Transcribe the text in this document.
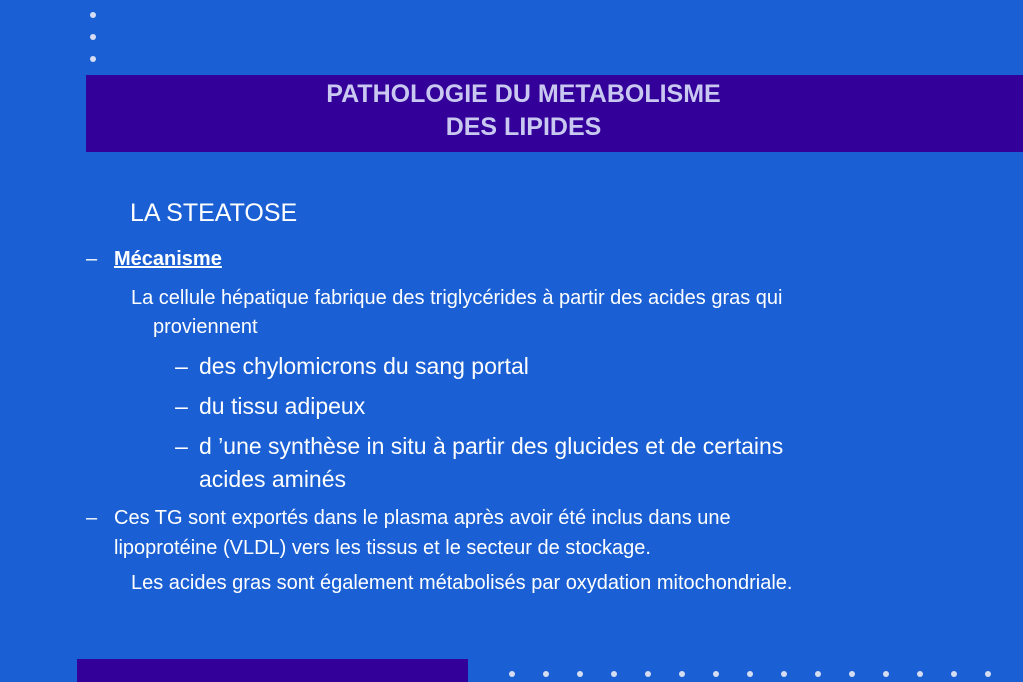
PATHOLOGIE DU METABOLISME
DES LIPIDES
LA STEATOSE
– Mécanisme
La cellule hépatique fabrique des triglycérides à partir des acides gras qui
proviennent
– des chylomicrons du sang portal
– du tissu adipeux
– d ’une synthèse in situ à partir des glucides et de certains
acides aminés
– Ces TG sont exportés dans le plasma après avoir été inclus dans une
lipoprotéine (VLDL) vers les tissus et le secteur de stockage.
Les acides gras sont également métabolisés par oxydation mitochondriale.
